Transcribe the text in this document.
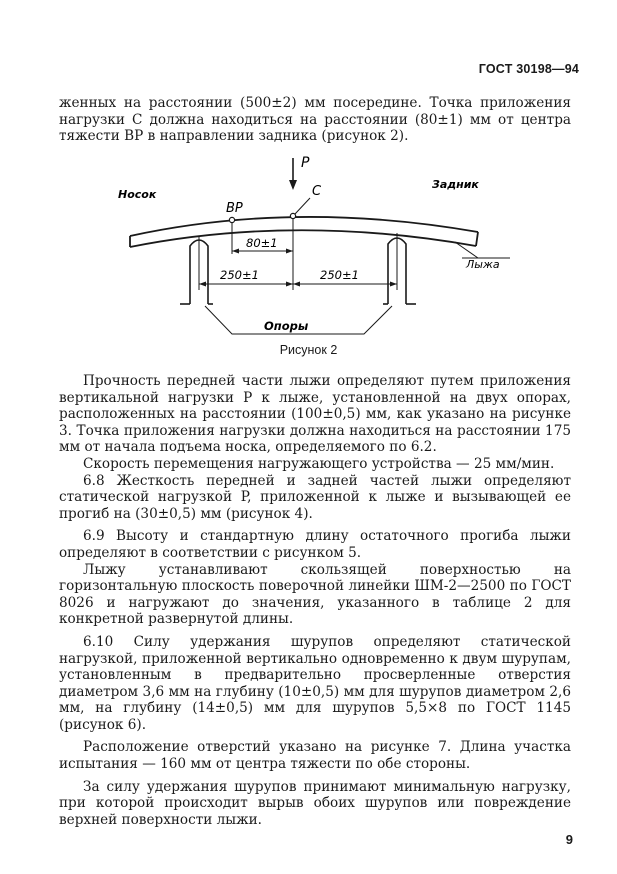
ГОСТ 30198—94

женных на расстоянии (500±2) мм посередине. Точка приложения нагрузки C должна находиться на расстоянии (80±1) мм от центра тяжести BP в направлении задника (рисунок 2).

P
C
BP
Носок
Задник
Лыжа
80±1
250±1	250±1
Опоры
Рисунок 2

Прочность передней части лыжи определяют путем приложения вертикальной нагрузки P к лыже, установленной на двух опорах, расположенных на расстоянии (100±0,5) мм, как указано на рисунке 3. Точка приложения нагрузки должна находиться на расстоянии 175 мм от начала подъема носка, определяемого по 6.2.

Скорость перемещения нагружающего устройства — 25 мм/мин.

6.8 Жесткость передней и задней частей лыжи определяют статической нагрузкой P, приложенной к лыже и вызывающей ее прогиб на (30±0,5) мм (рисунок 4).

6.9 Высоту и стандартную длину остаточного прогиба лыжи определяют в соответствии с рисунком 5.

Лыжу устанавливают скользящей поверхностью на горизонтальную плоскость поверочной линейки ШМ-2—2500 по ГОСТ 8026 и нагружают до значения, указанного в таблице 2 для конкретной развернутой длины.

6.10 Силу удержания шурупов определяют статической нагрузкой, приложенной вертикально одновременно к двум шурупам, установленным в предварительно просверленные отверстия диаметром 3,6 мм на глубину (10±0,5) мм для шурупов диаметром 2,6 мм, на глубину (14±0,5) мм для шурупов 5,5×8 по ГОСТ 1145 (рисунок 6).

Расположение отверстий указано на рисунке 7. Длина участка испытания — 160 мм от центра тяжести по обе стороны.

За силу удержания шурупов принимают минимальную нагрузку, при которой происходит вырыв обоих шурупов или повреждение верхней поверхности лыжи.

9
